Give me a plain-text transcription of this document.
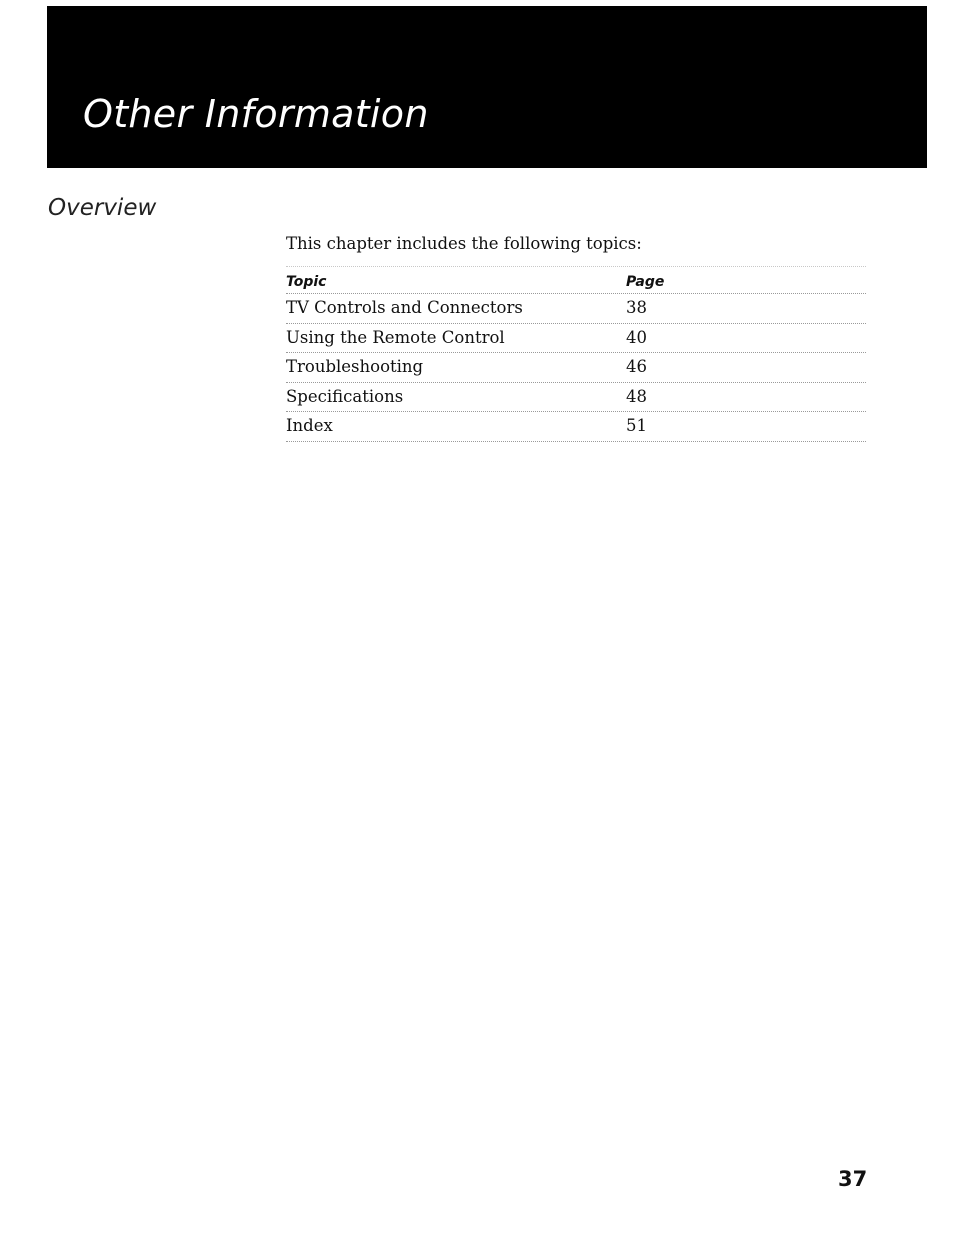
Other Information
Overview

This chapter includes the following topics:

Topic	Page
TV Controls and Connectors	38
Using the Remote Control	40
Troubleshooting	46
Specifications	48
Index	51

37
